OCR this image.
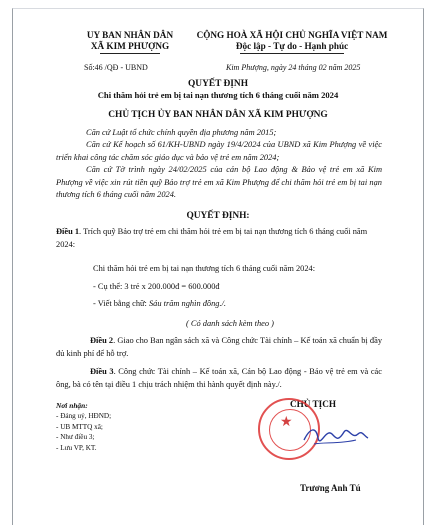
UY BAN NHÂN DÂN
XÃ KIM PHƯỢNG
CỘNG HOÀ XÃ HỘI CHỦ NGHĨA VIỆT NAM
Độc lập - Tự do - Hạnh phúc
Số:46 /QĐ - UBND	Kim Phượng, ngày 24 tháng 02 năm 2025
QUYẾT ĐỊNH
Chi thăm hỏi trẻ em bị tai nạn thương tích 6 tháng cuối năm 2024
CHỦ TỊCH ỦY BAN NHÂN DÂN XÃ KIM PHƯỢNG
Căn cứ Luật tổ chức chính quyền địa phương năm 2015;
Căn cứ Kế hoạch số 61/KH-UBND ngày 19/4/2024 của UBND xã Kim Phượng về việc triển khai công tác chăm sóc giáo dục và bảo vệ trẻ em năm 2024;
Căn cứ Tờ trình ngày 24/02/2025 của cán bộ Lao động & Bảo vệ trẻ em xã Kim Phượng về việc xin rút tiền quỹ Bảo trợ trẻ em xã Kim Phượng để chi thăm hỏi trẻ em bị tai nạn thương tích 6 tháng cuối năm 2024.
QUYẾT ĐỊNH:
Điều 1. Trích quỹ Bảo trợ trẻ em chi thăm hỏi trẻ em bị tai nạn thương tích 6 tháng cuối năm 2024:
Chi thăm hỏi trẻ em bị tai nạn thương tích 6 tháng cuối năm 2024:
- Cụ thể: 3 trẻ x 200.000đ = 600.000đ
- Viết bằng chữ: Sáu trăm nghìn đồng./.
( Có danh sách kèm theo )
Điều 2. Giao cho Ban ngân sách xã và Công chức Tài chính – Kế toán xã chuẩn bị đầy đủ kinh phí để hỗ trợ.
Điều 3. Công chức Tài chính – Kế toán xã, Cán bộ Lao động - Bảo vệ trẻ em và các ông, bà có tên tại điều 1 chịu trách nhiệm thi hành quyết định này./.
Nơi nhận:
- Đảng uỷ, HĐND;
- UB MTTQ xã;
- Như điều 3;
- Lưu VP, KT.
CHỦ TỊCH
★
Trương Anh Tú
